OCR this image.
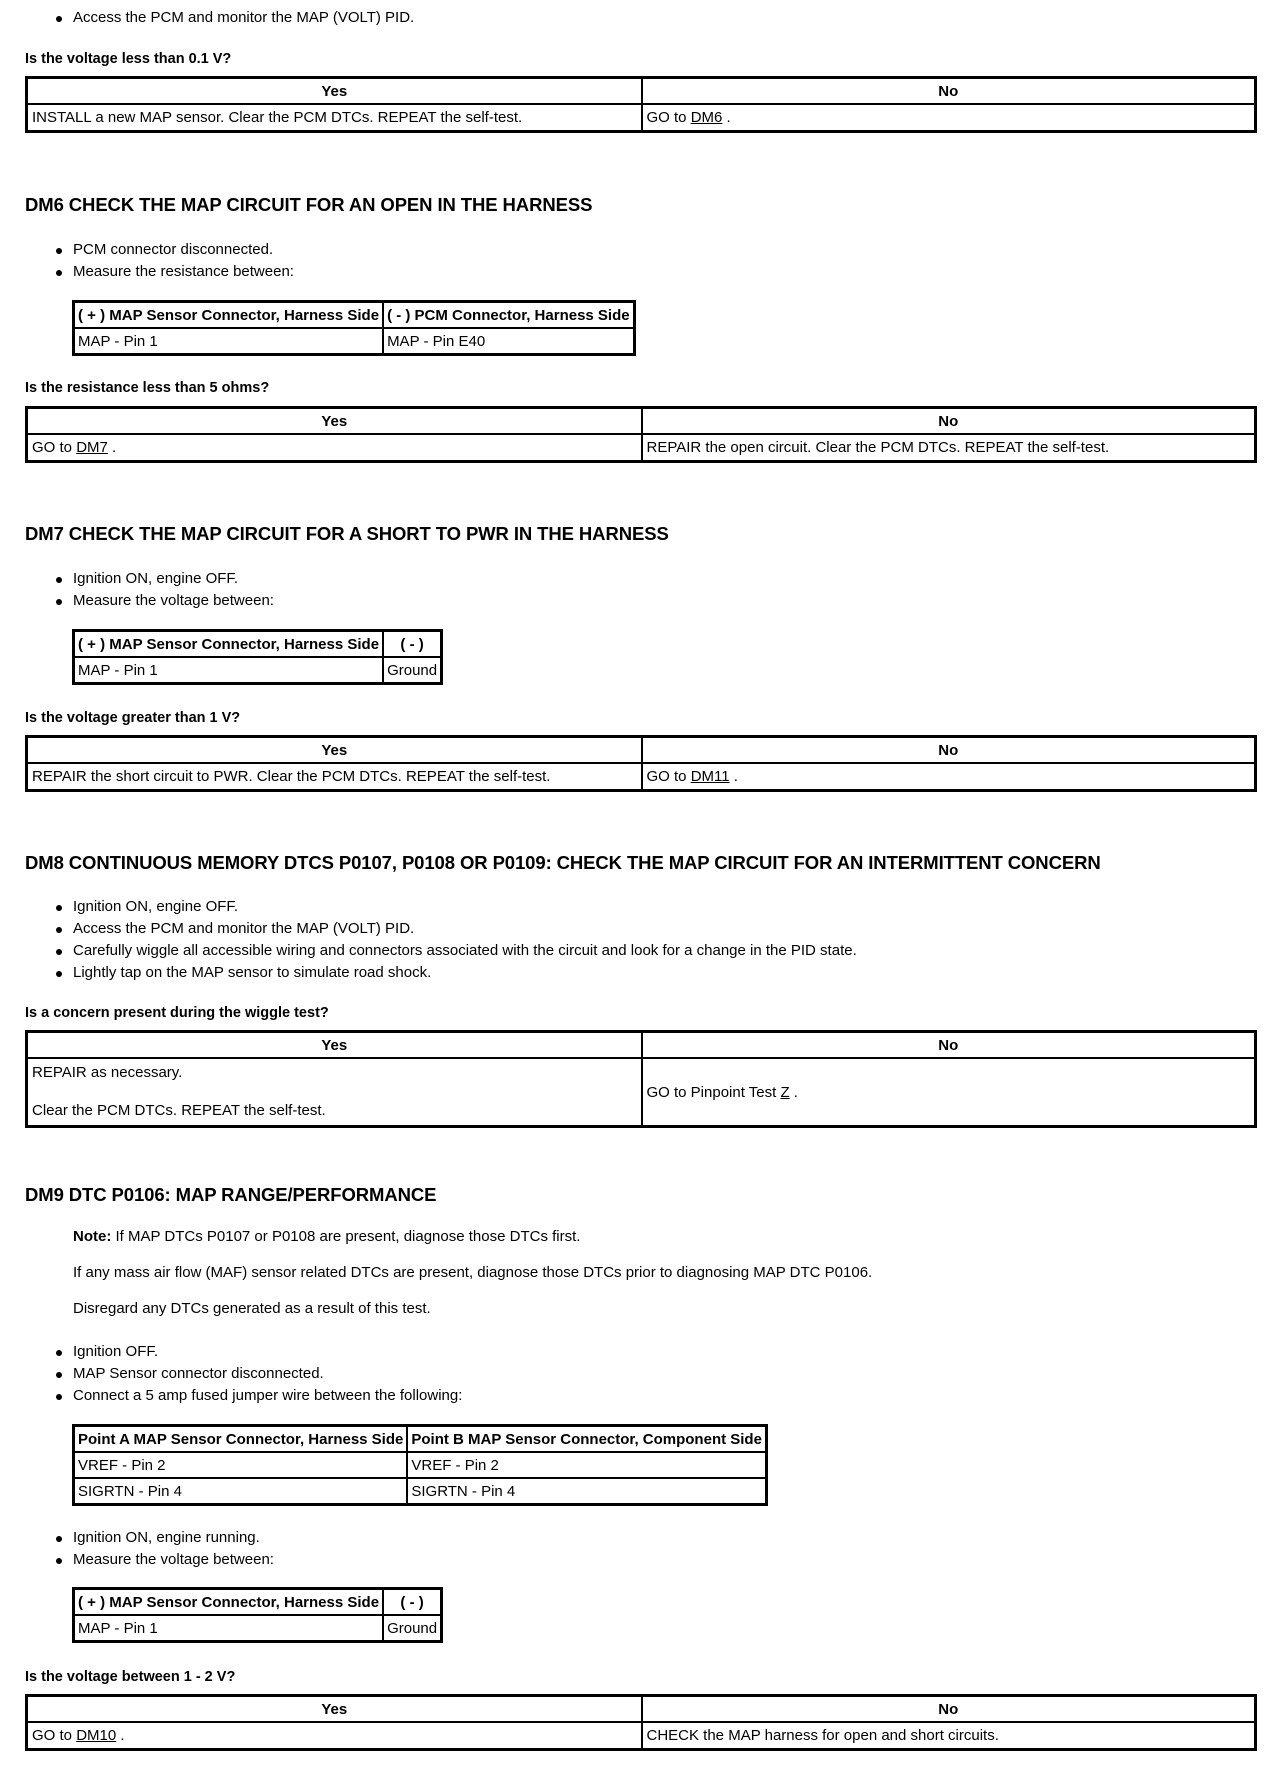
Access the PCM and monitor the MAP (VOLT) PID.
Is the voltage less than 0.1 V?
Yes	No
INSTALL a new MAP sensor. Clear the PCM DTCs. REPEAT the self-test.	GO to DM6 .
DM6 CHECK THE MAP CIRCUIT FOR AN OPEN IN THE HARNESS
PCM connector disconnected.
Measure the resistance between:
( + ) MAP Sensor Connector, Harness Side	( - ) PCM Connector, Harness Side
MAP - Pin 1	MAP - Pin E40
Is the resistance less than 5 ohms?
Yes	No
GO to DM7 .	REPAIR the open circuit. Clear the PCM DTCs. REPEAT the self-test.
DM7 CHECK THE MAP CIRCUIT FOR A SHORT TO PWR IN THE HARNESS
Ignition ON, engine OFF.
Measure the voltage between:
( + ) MAP Sensor Connector, Harness Side	( - )
MAP - Pin 1	Ground
Is the voltage greater than 1 V?
Yes	No
REPAIR the short circuit to PWR. Clear the PCM DTCs. REPEAT the self-test.	GO to DM11 .
DM8 CONTINUOUS MEMORY DTCS P0107, P0108 OR P0109: CHECK THE MAP CIRCUIT FOR AN INTERMITTENT CONCERN
Ignition ON, engine OFF.
Access the PCM and monitor the MAP (VOLT) PID.
Carefully wiggle all accessible wiring and connectors associated with the circuit and look for a change in the PID state.
Lightly tap on the MAP sensor to simulate road shock.
Is a concern present during the wiggle test?
Yes	No

REPAIR as necessary.

Clear the PCM DTCs. REPEAT the self-test.	GO to Pinpoint Test Z .
DM9 DTC P0106: MAP RANGE/PERFORMANCE
Note: If MAP DTCs P0107 or P0108 are present, diagnose those DTCs first.
If any mass air flow (MAF) sensor related DTCs are present, diagnose those DTCs prior to diagnosing MAP DTC P0106.
Disregard any DTCs generated as a result of this test.
Ignition OFF.
MAP Sensor connector disconnected.
Connect a 5 amp fused jumper wire between the following:
Point A MAP Sensor Connector, Harness Side	Point B MAP Sensor Connector, Component Side
VREF - Pin 2	VREF - Pin 2
SIGRTN - Pin 4	SIGRTN - Pin 4
Ignition ON, engine running.
Measure the voltage between:
( + ) MAP Sensor Connector, Harness Side	( - )
MAP - Pin 1	Ground
Is the voltage between 1 - 2 V?
Yes	No
GO to DM10 .	CHECK the MAP harness for open and short circuits.
